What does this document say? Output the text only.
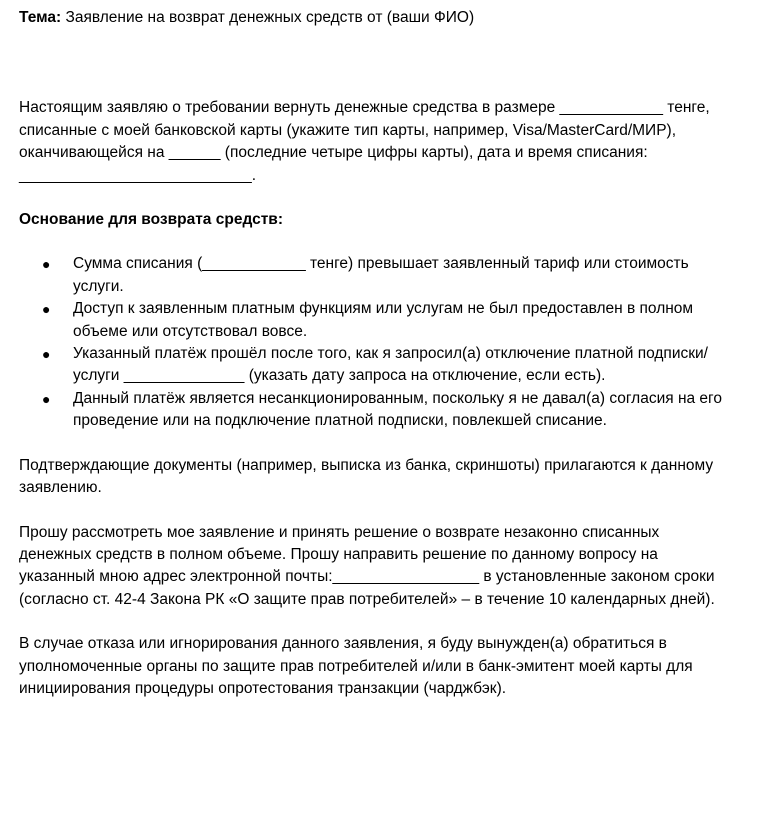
Тема: Заявление на возврат денежных средств от (ваши ФИО)

Настоящим заявляю о требовании вернуть денежные средства в размере ____________ тенге, списанные с моей банковской карты (укажите тип карты, например, Visa/MasterCard/МИР), оканчивающейся на ______ (последние четыре цифры карты), дата и время списания: ___________________________.

Основание для возврата средств:

● Сумма списания (____________ тенге) превышает заявленный тариф или стоимость услуги.
● Доступ к заявленным платным функциям или услугам не был предоставлен в полном объеме или отсутствовал вовсе.
● Указанный платёж прошёл после того, как я запросил(а) отключение платной подписки/услуги ______________ (указать дату запроса на отключение, если есть).
● Данный платёж является несанкционированным, поскольку я не давал(а) согласия на его проведение или на подключение платной подписки, повлекшей списание.

Подтверждающие документы (например, выписка из банка, скриншоты) прилагаются к данному заявлению.

Прошу рассмотреть мое заявление и принять решение о возврате незаконно списанных денежных средств в полном объеме. Прошу направить решение по данному вопросу на указанный мною адрес электронной почты:_________________ в установленные законом сроки (согласно ст. 42-4 Закона РК «О защите прав потребителей» – в течение 10 календарных дней).

В случае отказа или игнорирования данного заявления, я буду вынужден(а) обратиться в уполномоченные органы по защите прав потребителей и/или в банк-эмитент моей карты для инициирования процедуры опротестования транзакции (чарджбэк).
